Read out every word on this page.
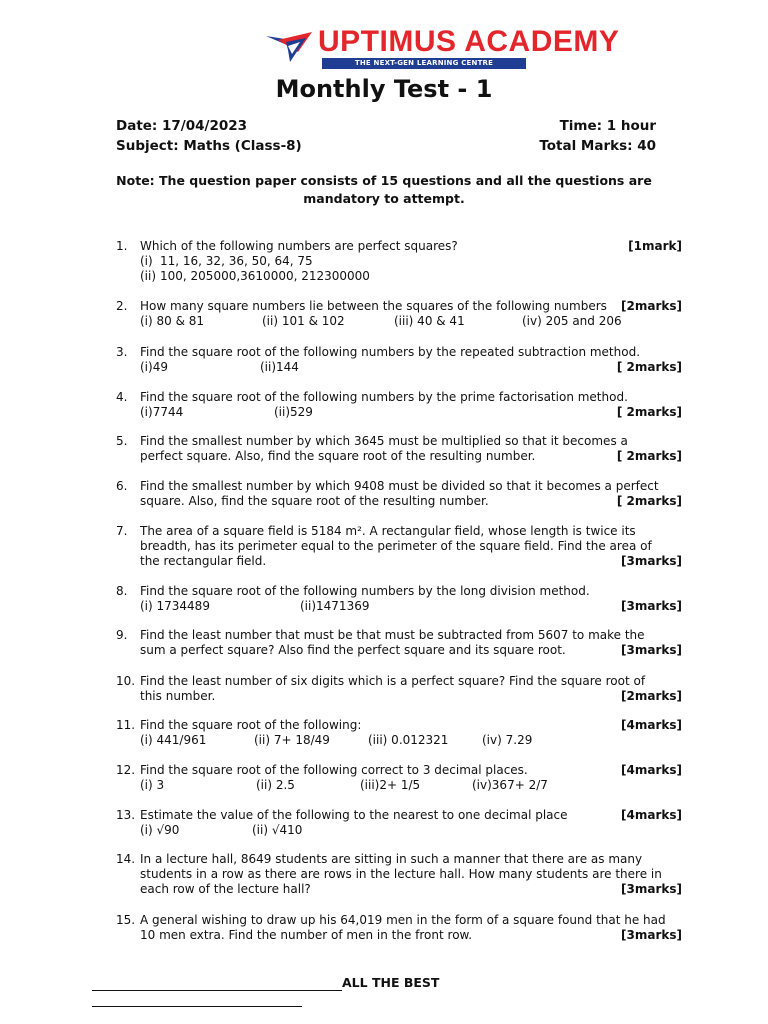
UPTIMUS ACADEMY
THE NEXT-GEN LEARNING CENTRE
Monthly Test - 1
Date: 17/04/2023	Time: 1 hour
Subject: Maths (Class-8)	Total Marks: 40
Note: The question paper consists of 15 questions and all the questions are mandatory to attempt.
1.	Which of the following numbers are perfect squares?
(i) 11, 16, 32, 36, 50, 64, 75
(ii) 100, 205000,3610000, 212300000
[1mark]
2.	How many square numbers lie between the squares of the following numbers
(i) 80 & 81	(ii) 101 & 102	(iii) 40 & 41	(iv) 205 and 206
[2marks]
3.	Find the square root of the following numbers by the repeated subtraction method.
(i)49	(ii)144	[ 2marks]
4.	Find the square root of the following numbers by the prime factorisation method.
(i)7744	(ii)529	[ 2marks]
5.	Find the smallest number by which 3645 must be multiplied so that it becomes a
perfect square. Also, find the square root of the resulting number.	[ 2marks]
6.	Find the smallest number by which 9408 must be divided so that it becomes a perfect
square. Also, find the square root of the resulting number.	[ 2marks]
7.	The area of a square field is 5184 m². A rectangular field, whose length is twice its
breadth, has its perimeter equal to the perimeter of the square field. Find the area of
the rectangular field.	[3marks]
8.	Find the square root of the following numbers by the long division method.
(i) 1734489	(ii)1471369	[3marks]
9.	Find the least number that must be that must be subtracted from 5607 to make the
sum a perfect square? Also find the perfect square and its square root.	[3marks]
10. Find the least number of six digits which is a perfect square? Find the square root of
this number.	[2marks]
11. Find the square root of the following:
(i) 441/961	(ii) 7+ 18/49	(iii) 0.012321	(iv) 7.29
[4marks]
12. Find the square root of the following correct to 3 decimal places.
(i) 3	(ii) 2.5	(iii)2+ 1/5	(iv)367+ 2/7
[4marks]
13. Estimate the value of the following to the nearest to one decimal place
(i) √90	(ii) √410
[4marks]
14. In a lecture hall, 8649 students are sitting in such a manner that there are as many
students in a row as there are rows in the lecture hall. How many students are there in
each row of the lecture hall?	[3marks]
15. A general wishing to draw up his 64,019 men in the form of a square found that he had
10 men extra. Find the number of men in the front row.	[3marks]
ALL THE BEST
